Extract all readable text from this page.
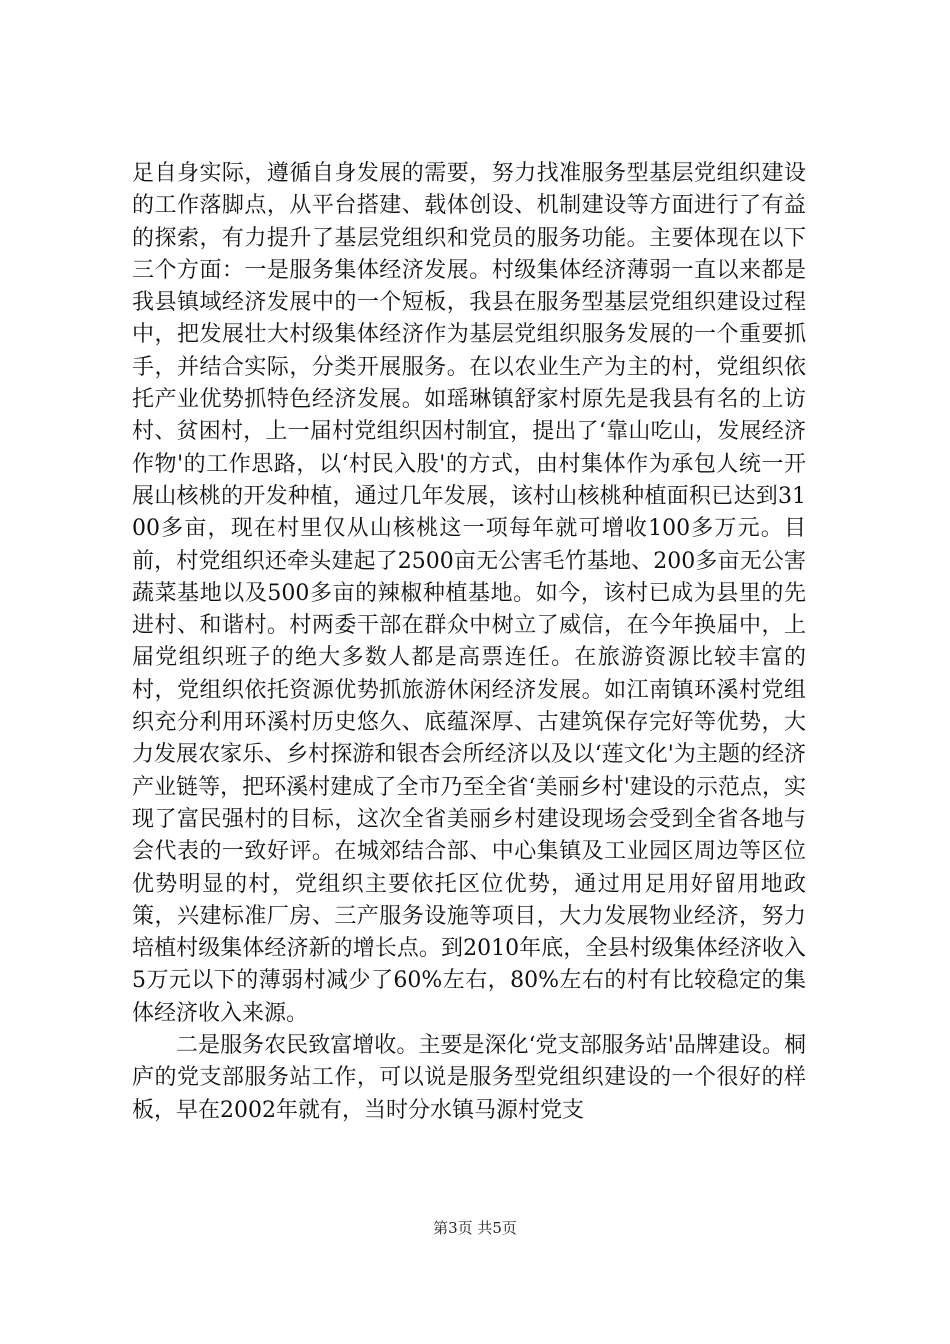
足自身实际，遵循自身发展的需要，努力找准服务型基层党组织建设的工作落脚点，从平台搭建、载体创设、机制建设等方面进行了有益的探索，有力提升了基层党组织和党员的服务功能。主要体现在以下三个方面：一是服务集体经济发展。村级集体经济薄弱一直以来都是我县镇域经济发展中的一个短板，我县在服务型基层党组织建设过程中，把发展壮大村级集体经济作为基层党组织服务发展的一个重要抓手，并结合实际，分类开展服务。在以农业生产为主的村，党组织依托产业优势抓特色经济发展。如瑶琳镇舒家村原先是我县有名的上访村、贫困村，上一届村党组织因村制宜，提出了‘靠山吃山，发展经济作物'的工作思路，以‘村民入股'的方式，由村集体作为承包人统一开展山核桃的开发种植，通过几年发展，该村山核桃种植面积已达到3100多亩，现在村里仅从山核桃这一项每年就可增收100多万元。目前，村党组织还牵头建起了2500亩无公害毛竹基地、200多亩无公害蔬菜基地以及500多亩的辣椒种植基地。如今，该村已成为县里的先进村、和谐村。村两委干部在群众中树立了威信，在今年换届中，上届党组织班子的绝大多数人都是高票连任。在旅游资源比较丰富的村，党组织依托资源优势抓旅游休闲经济发展。如江南镇环溪村党组织充分利用环溪村历史悠久、底蕴深厚、古建筑保存完好等优势，大力发展农家乐、乡村探游和银杏会所经济以及以‘莲文化'为主题的经济产业链等，把环溪村建成了全市乃至全省‘美丽乡村'建设的示范点，实现了富民强村的目标，这次全省美丽乡村建设现场会受到全省各地与会代表的一致好评。在城郊结合部、中心集镇及工业园区周边等区位优势明显的村，党组织主要依托区位优势，通过用足用好留用地政策，兴建标准厂房、三产服务设施等项目，大力发展物业经济，努力培植村级集体经济新的增长点。到2010年底，全县村级集体经济收入5万元以下的薄弱村减少了60%左右，80%左右的村有比较稳定的集体经济收入来源。

二是服务农民致富增收。主要是深化‘党支部服务站'品牌建设。桐庐的党支部服务站工作，可以说是服务型党组织建设的一个很好的样板，早在2002年就有，当时分水镇马源村党支

第3页 共5页
